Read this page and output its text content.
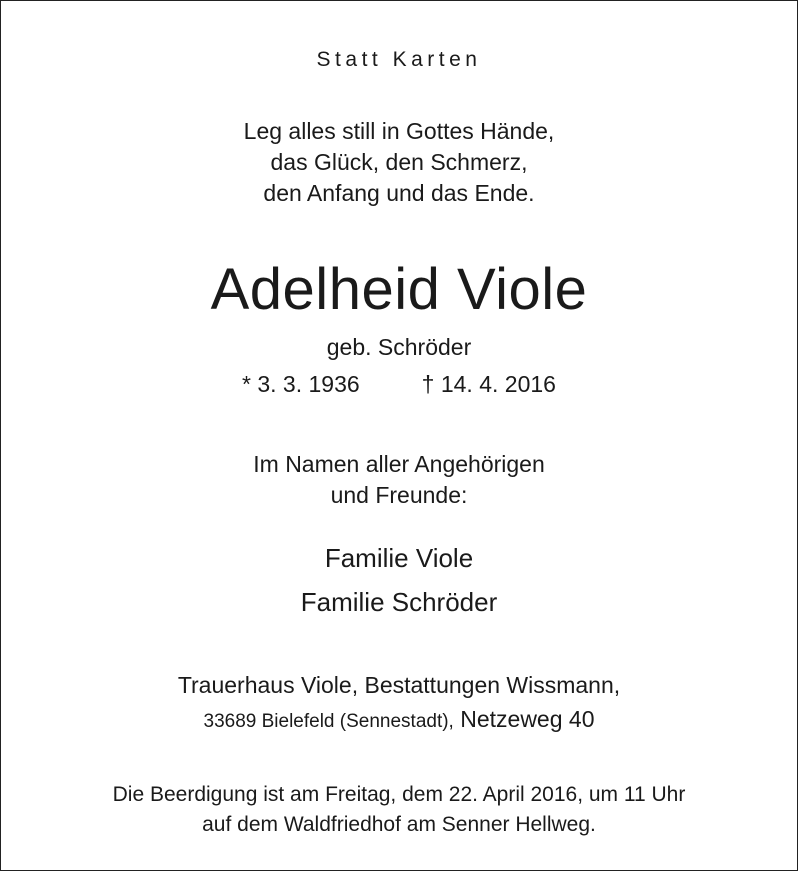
Statt Karten
Leg alles still in Gottes Hände,
das Glück, den Schmerz,
den Anfang und das Ende.
Adelheid Viole
geb. Schröder
* 3. 3. 1936	† 14. 4. 2016
Im Namen aller Angehörigen
und Freunde:
Familie Viole
Familie Schröder
Trauerhaus Viole, Bestattungen Wissmann,
33689 Bielefeld (Sennestadt), Netzeweg 40
Die Beerdigung ist am Freitag, dem 22. April 2016, um 11 Uhr
auf dem Waldfriedhof am Senner Hellweg.
